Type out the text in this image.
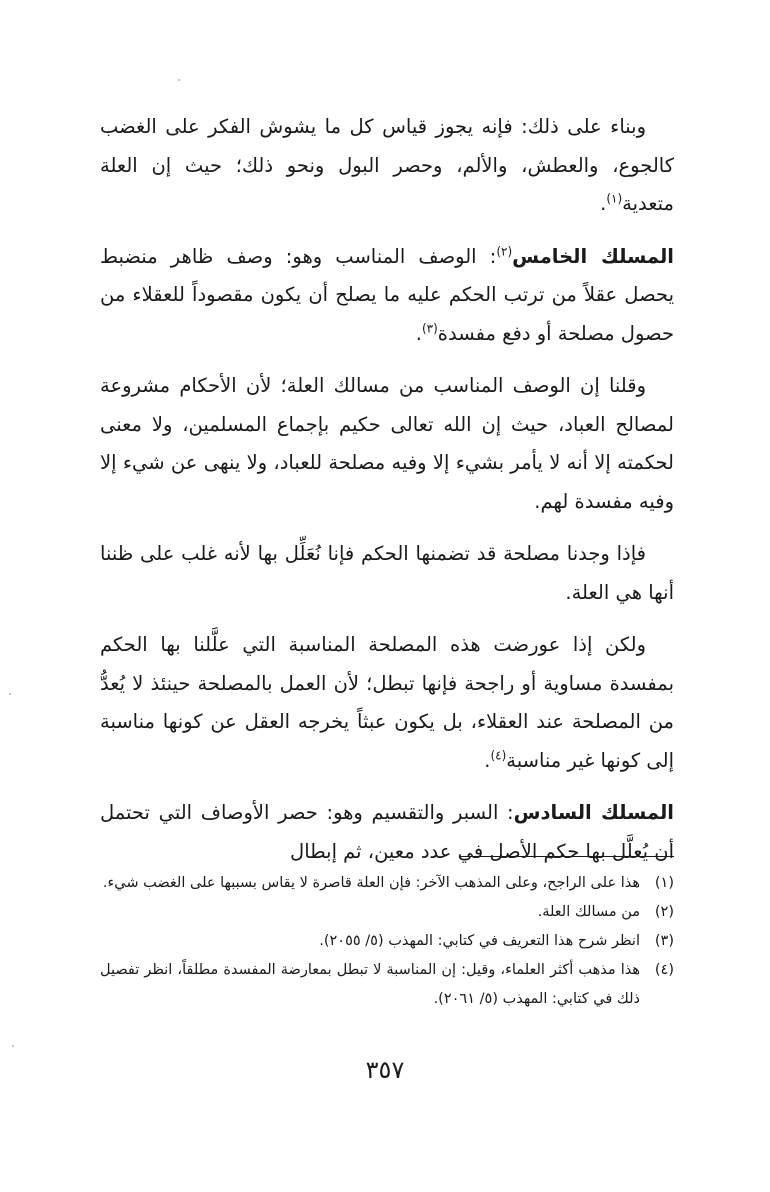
وبناء على ذلك: فإنه يجوز قياس كل ما يشوش الفكر على الغضب كالجوع، والعطش، والألم، وحصر البول ونحو ذلك؛ حيث إن العلة متعدية$^{(١)}$.

المسلك الخامس$^{(٢)}$: الوصف المناسب وهو: وصف ظاهر منضبط يحصل عقلاً من ترتب الحكم عليه ما يصلح أن يكون مقصوداً للعقلاء من حصول مصلحة أو دفع مفسدة$^{(٣)}$.

وقلنا إن الوصف المناسب من مسالك العلة؛ لأن الأحكام مشروعة لمصالح العباد، حيث إن الله تعالى حكيم بإجماع المسلمين، ولا معنى لحكمته إلا أنه لا يأمر بشيء إلا وفيه مصلحة للعباد، ولا ينهى عن شيء إلا وفيه مفسدة لهم.

فإذا وجدنا مصلحة قد تضمنها الحكم فإنا نُعَلِّل بها لأنه غلب على ظننا أنها هي العلة.

ولكن إذا عورضت هذه المصلحة المناسبة التي علَّلنا بها الحكم بمفسدة مساوية أو راجحة فإنها تبطل؛ لأن العمل بالمصلحة حينئذ لا يُعدُّ من المصلحة عند العقلاء، بل يكون عبثاً يخرجه العقل عن كونها مناسبة إلى كونها غير مناسبة$^{(٤)}$.

المسلك السادس: السبر والتقسيم وهو: حصر الأوصاف التي تحتمل أن يُعلَّل بها حكم الأصل في عدد معين، ثم إبطال

(١)
هذا على الراجح، وعلى المذهب الآخر: فإن العلة قاصرة لا يقاس بسببها على الغضب شيء.
(٢)
من مسالك العلة.
(٣)
انظر شرح هذا التعريف في كتابي: المهذب (٥/ ٢٠٥٥).
(٤)
هذا مذهب أكثر العلماء، وقيل: إن المناسبة لا تبطل بمعارضة المفسدة مطلقاً، انظر تفصيل ذلك في كتابي: المهذب (٥/ ٢٠٦١).
٣٥٧
